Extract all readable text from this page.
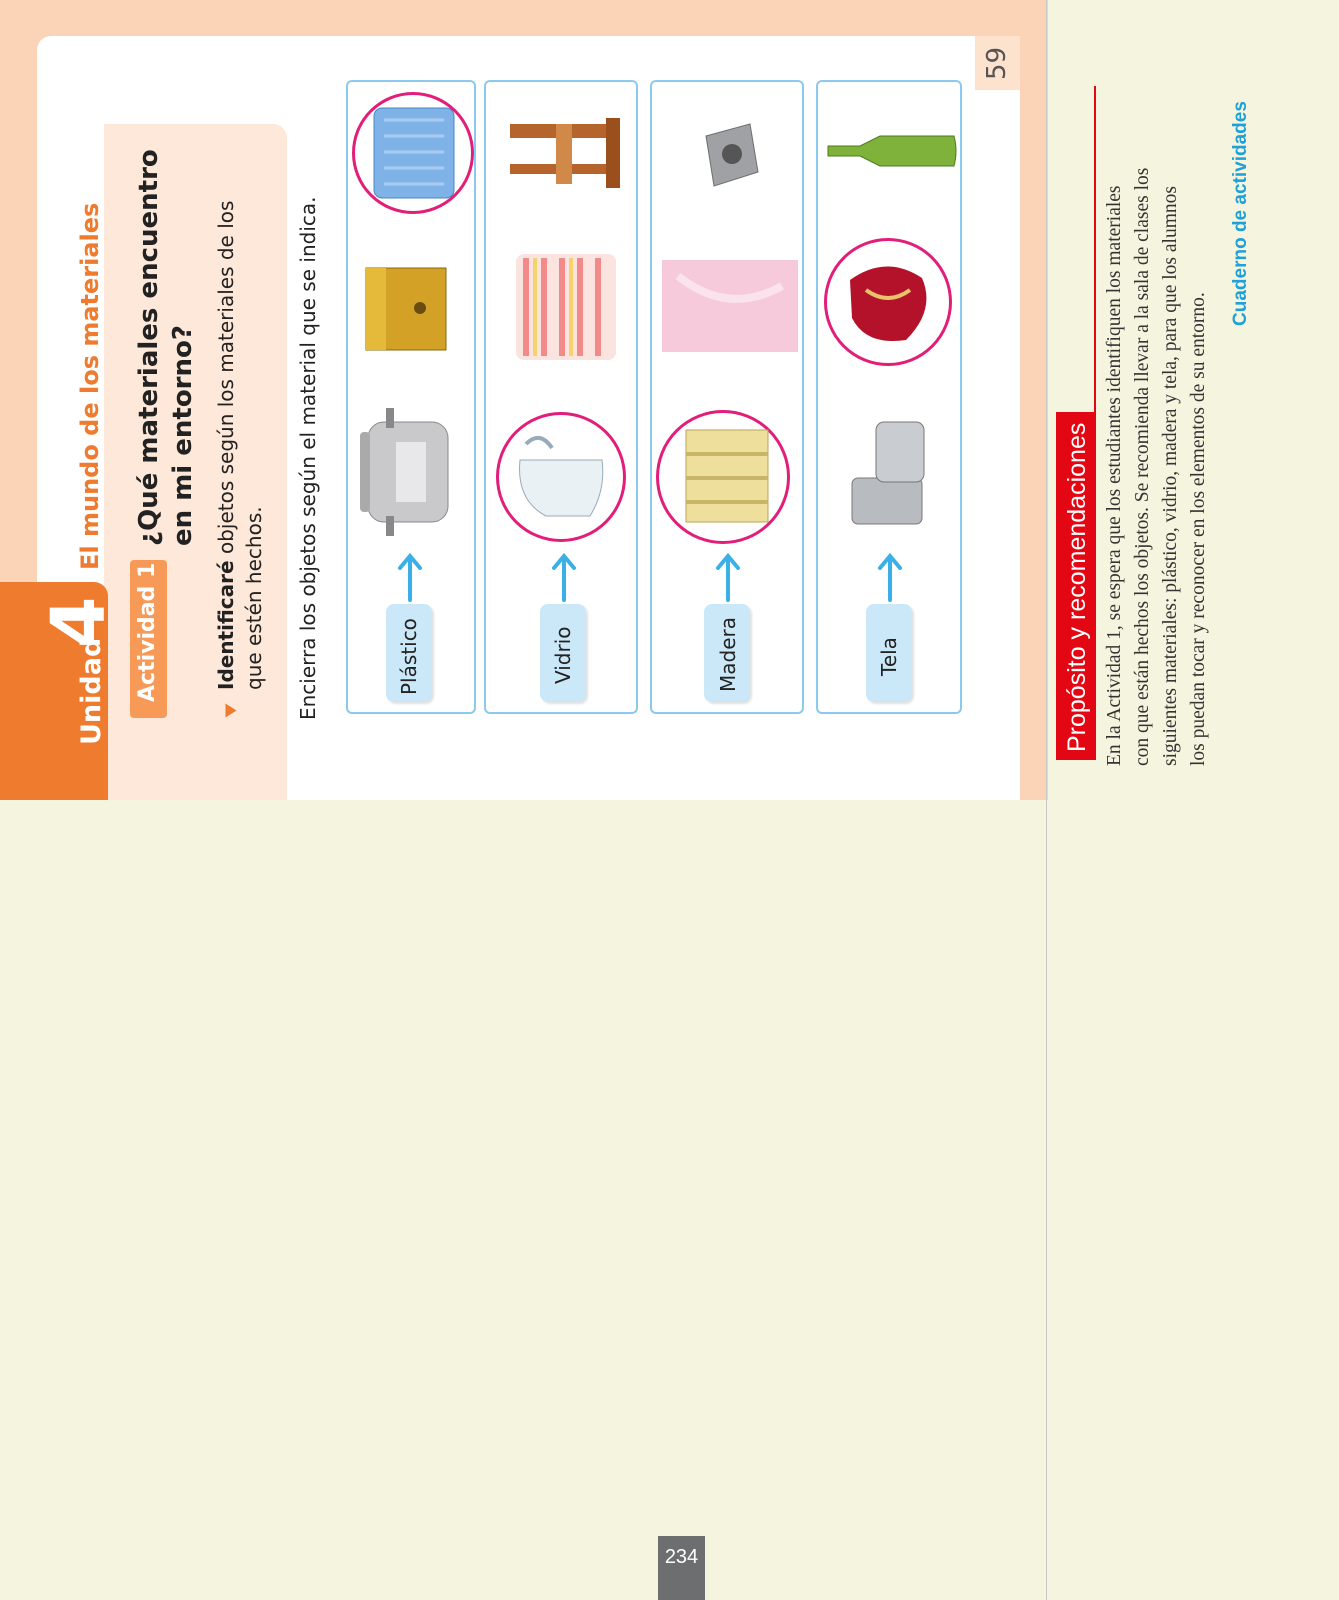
59
Unidad
4
El mundo de los materiales
Actividad 1
¿Qué materiales encuentro en mi entorno?
Identificaré objetos según los materiales de los
que estén hechos. Encierra los objetos según el material que se indica.	Plástico	Vidrio	Madera	Tela	Propósito y recomendaciones En la Actividad 1, se espera que los estudiantes identifiquen los materiales con que están hechos los objetos. Se recomienda llevar a la sala de clases los siguientes materiales: plástico, vidrio, madera y tela, para que los alumnos los puedan tocar y reconocer en los elementos de su entorno.
Cuaderno de actividades
234
